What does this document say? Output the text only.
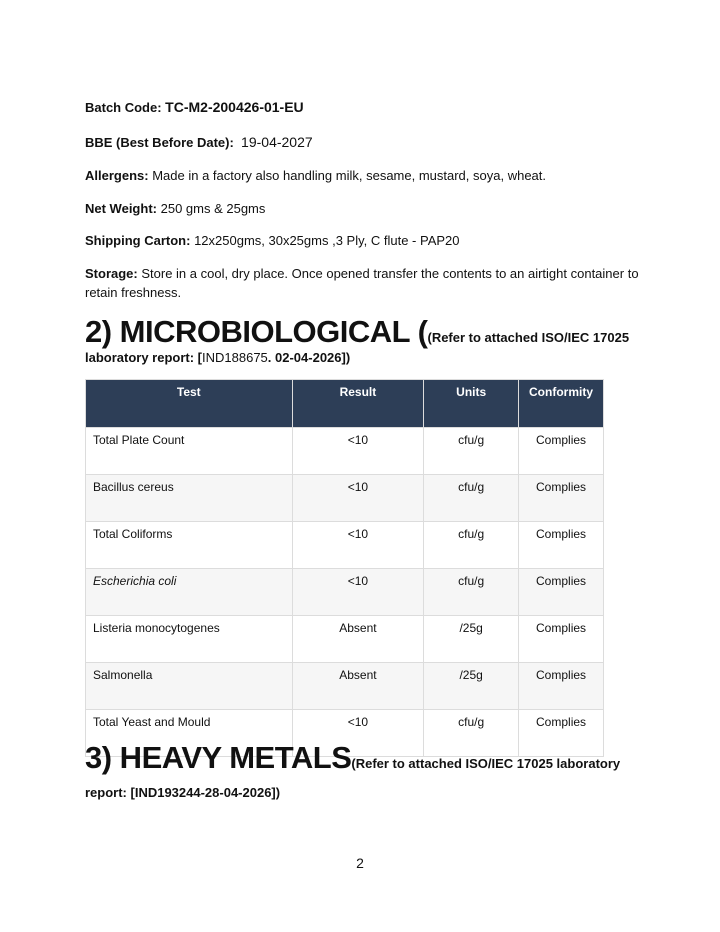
Batch Code: TC-M2-200426-01-EU
BBE (Best Before Date): 19-04-2027
Allergens: Made in a factory also handling milk, sesame, mustard, soya, wheat.
Net Weight: 250 gms & 25gms
Shipping Carton: 12x250gms, 30x25gms ,3 Ply, C flute - PAP20
Storage: Store in a cool, dry place. Once opened transfer the contents to an airtight container to retain freshness.
2) MICROBIOLOGICAL ((Refer to attached ISO/IEC 17025
laboratory report: [IND188675. 02-04-2026])
Test	Result	Units	Conformity
Total Plate Count	<10	cfu/g	Complies
Bacillus cereus	<10	cfu/g	Complies
Total Coliforms	<10	cfu/g	Complies
Escherichia coli	<10	cfu/g	Complies
Listeria monocytogenes	Absent	/25g	Complies
Salmonella	Absent	/25g	Complies
Total Yeast and Mould	<10	cfu/g	Complies
3) HEAVY METALS(Refer to attached ISO/IEC 17025 laboratory
report: [IND193244-28-04-2026])
2
